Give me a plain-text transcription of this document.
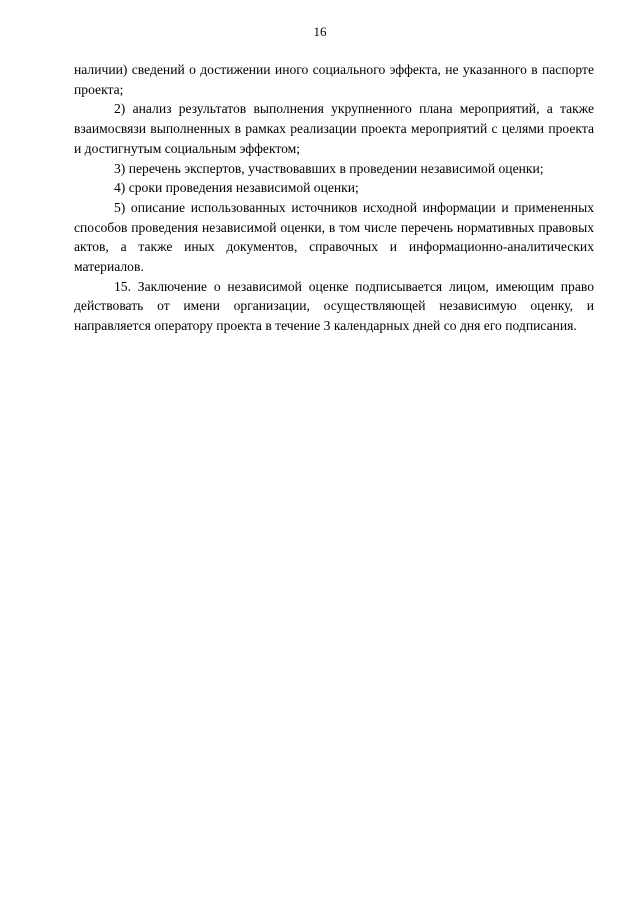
16

наличии) сведений о достижении иного социального эффекта, не указанного в паспорте проекта;

2) анализ результатов выполнения укрупненного плана мероприятий, а также взаимосвязи выполненных в рамках реализации проекта мероприятий с целями проекта и достигнутым социальным эффектом;

3) перечень экспертов, участвовавших в проведении независимой оценки;

4) сроки проведения независимой оценки;

5) описание использованных источников исходной информации и примененных способов проведения независимой оценки, в том числе перечень нормативных правовых актов, а также иных документов, справочных и информационно-аналитических материалов.

15. Заключение о независимой оценке подписывается лицом, имеющим право действовать от имени организации, осуществляющей независимую оценку, и направляется оператору проекта в течение 3 календарных дней со дня его подписания.
